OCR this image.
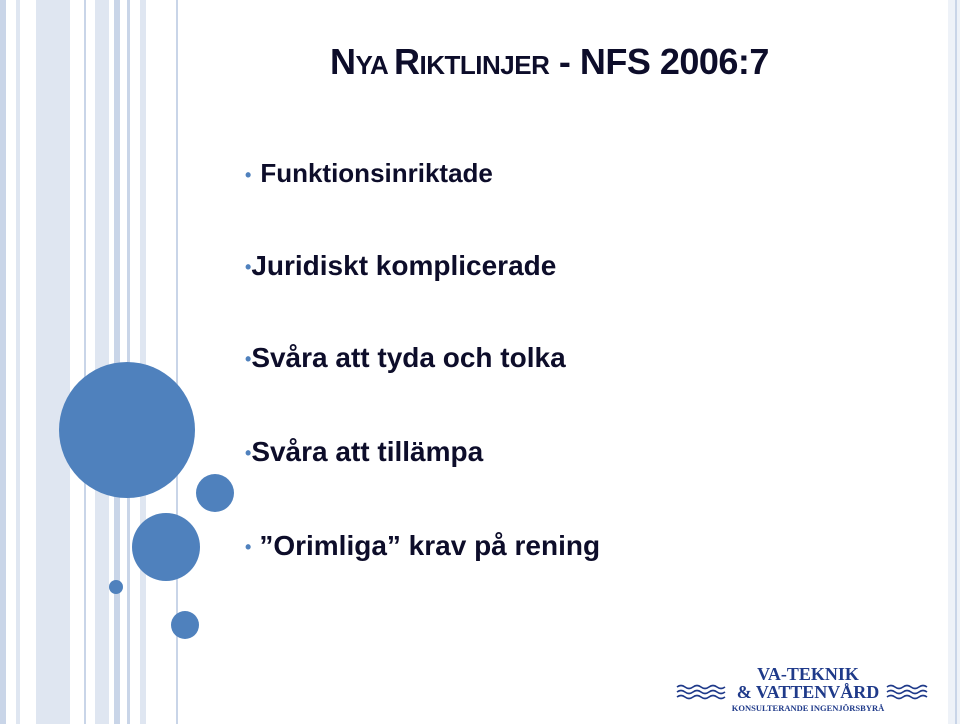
NYA RIKTLINJER - NFS 2006:7
• Funktionsinriktade
•Juridiskt komplicerade
•Svåra att tyda och tolka
•Svåra att tillämpa
• ”Orimliga” krav på rening
VA-TEKNIK
& VATTENVÅRD
KONSULTERANDE INGENJÖRSBYRÅ
